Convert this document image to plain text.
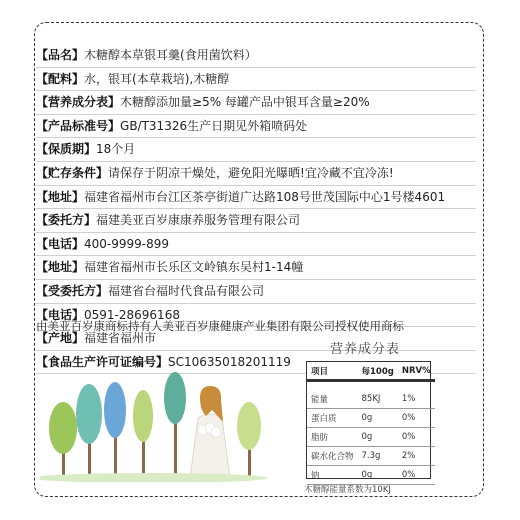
【品名】木糖醇本草银耳羹(食用菌饮料）
【配料】水，银耳(本草栽培),木糖醇
【营养成分表】木糖醇添加量≥5% 每罐产品中银耳含量≥20%
【产品标准号】GB/T31326生产日期见外箱喷码处
【保质期】18个月
【贮存条件】请保存于阴凉干燥处，避免阳光曝晒!宜冷藏不宜冷冻!
【地址】福建省福州市台江区茶亭街道广达路108号世茂国际中心1号楼4601
【委托方】福建美亚百岁康康养服务管理有限公司
【电话】400-9999-899
【地址】福建省福州市长乐区文岭镇东吴村1-14幢
【受委托方】福建省台福时代食品有限公司
【电话】0591-28696168
【产地】福建省福州市
【食品生产许可证编号】SC10635018201119
由美亚百岁康商标持有人美亚百岁康健康产业集团有限公司授权使用商标
营养成分表
项目	每100g	NRV%

能量	85KJ	1%
蛋白质	0g	0%
脂肪	0g	0%
碳水化合物	7.3g	2%
钠	0g	0%
木糖醇能量系数为10KJ
